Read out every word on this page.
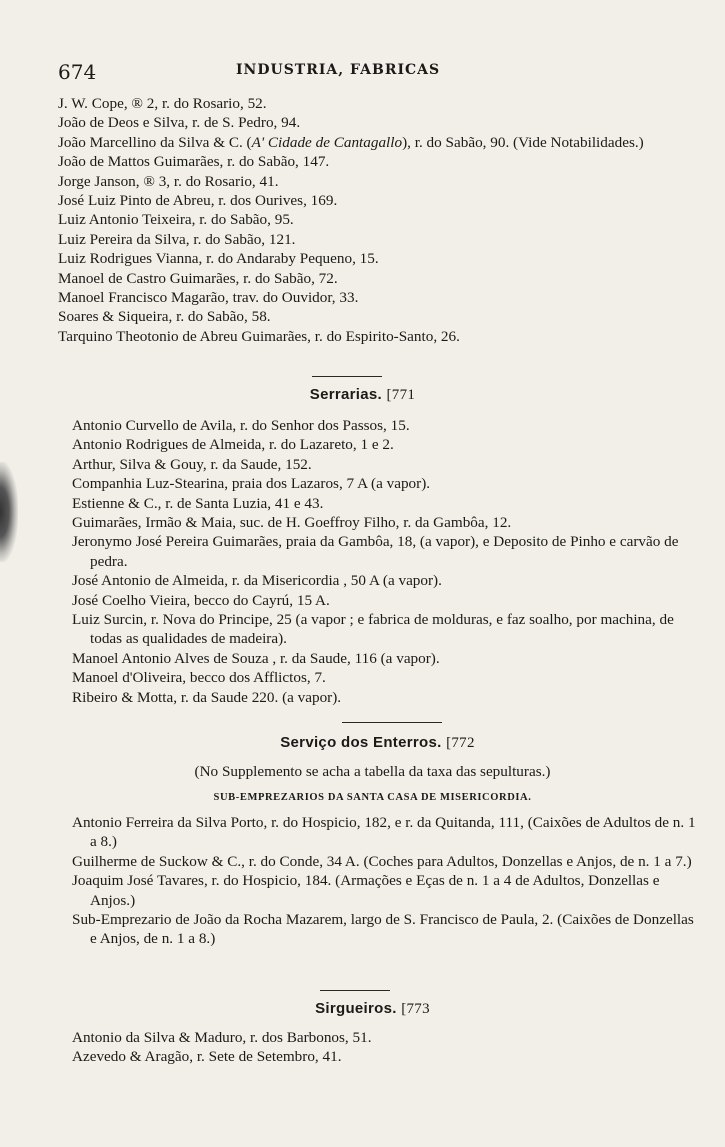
674	INDUSTRIA, FABRICAS
J. W. Cope, ® 2, r. do Rosario, 52.
João de Deos e Silva, r. de S. Pedro, 94.
João Marcellino da Silva & C. (A' Cidade de Cantagallo), r. do Sabão, 90. (Vide Notabilidades.)
João de Mattos Guimarães, r. do Sabão, 147.
Jorge Janson, ® 3, r. do Rosario, 41.
José Luiz Pinto de Abreu, r. dos Ourives, 169.
Luiz Antonio Teixeira, r. do Sabão, 95.
Luiz Pereira da Silva, r. do Sabão, 121.
Luiz Rodrigues Vianna, r. do Andaraby Pequeno, 15.
Manoel de Castro Guimarães, r. do Sabão, 72.
Manoel Francisco Magarão, trav. do Ouvidor, 33.
Soares & Siqueira, r. do Sabão, 58.
Tarquino Theotonio de Abreu Guimarães, r. do Espirito-Santo, 26.
Serrarias. [771
Antonio Curvello de Avila, r. do Senhor dos Passos, 15.
Antonio Rodrigues de Almeida, r. do Lazareto, 1 e 2.
Arthur, Silva & Gouy, r. da Saude, 152.
Companhia Luz-Stearina, praia dos Lazaros, 7 A (a vapor).
Estienne & C., r. de Santa Luzia, 41 e 43.
Guimarães, Irmão & Maia, suc. de H. Goeffroy Filho, r. da Gambôa, 12.
Jeronymo José Pereira Guimarães, praia da Gambôa, 18, (a vapor), e Deposito de Pinho e carvão de pedra.
José Antonio de Almeida, r. da Misericordia , 50 A (a vapor).
José Coelho Vieira, becco do Cayrú, 15 A.
Luiz Surcin, r. Nova do Principe, 25 (a vapor ; e fabrica de molduras, e faz soalho, por machina, de todas as qualidades de madeira).
Manoel Antonio Alves de Souza , r. da Saude, 116 (a vapor).
Manoel d'Oliveira, becco dos Afflictos, 7.
Ribeiro & Motta, r. da Saude 220. (a vapor).
Serviço dos Enterros. [772
(No Supplemento se acha a tabella da taxa das sepulturas.)
SUB-EMPREZARIOS DA SANTA CASA DE MISERICORDIA.
Antonio Ferreira da Silva Porto, r. do Hospicio, 182, e r. da Quitanda, 111, (Caixões de Adultos de n. 1 a 8.)
Guilherme de Suckow & C., r. do Conde, 34 A. (Coches para Adultos, Donzellas e Anjos, de n. 1 a 7.)
Joaquim José Tavares, r. do Hospicio, 184. (Armações e Eças de n. 1 a 4 de Adultos, Donzellas e Anjos.)
Sub-Emprezario de João da Rocha Mazarem, largo de S. Francisco de Paula, 2. (Caixões de Donzellas e Anjos, de n. 1 a 8.)
Sirgueiros. [773
Antonio da Silva & Maduro, r. dos Barbonos, 51.
Azevedo & Aragão, r. Sete de Setembro, 41.
